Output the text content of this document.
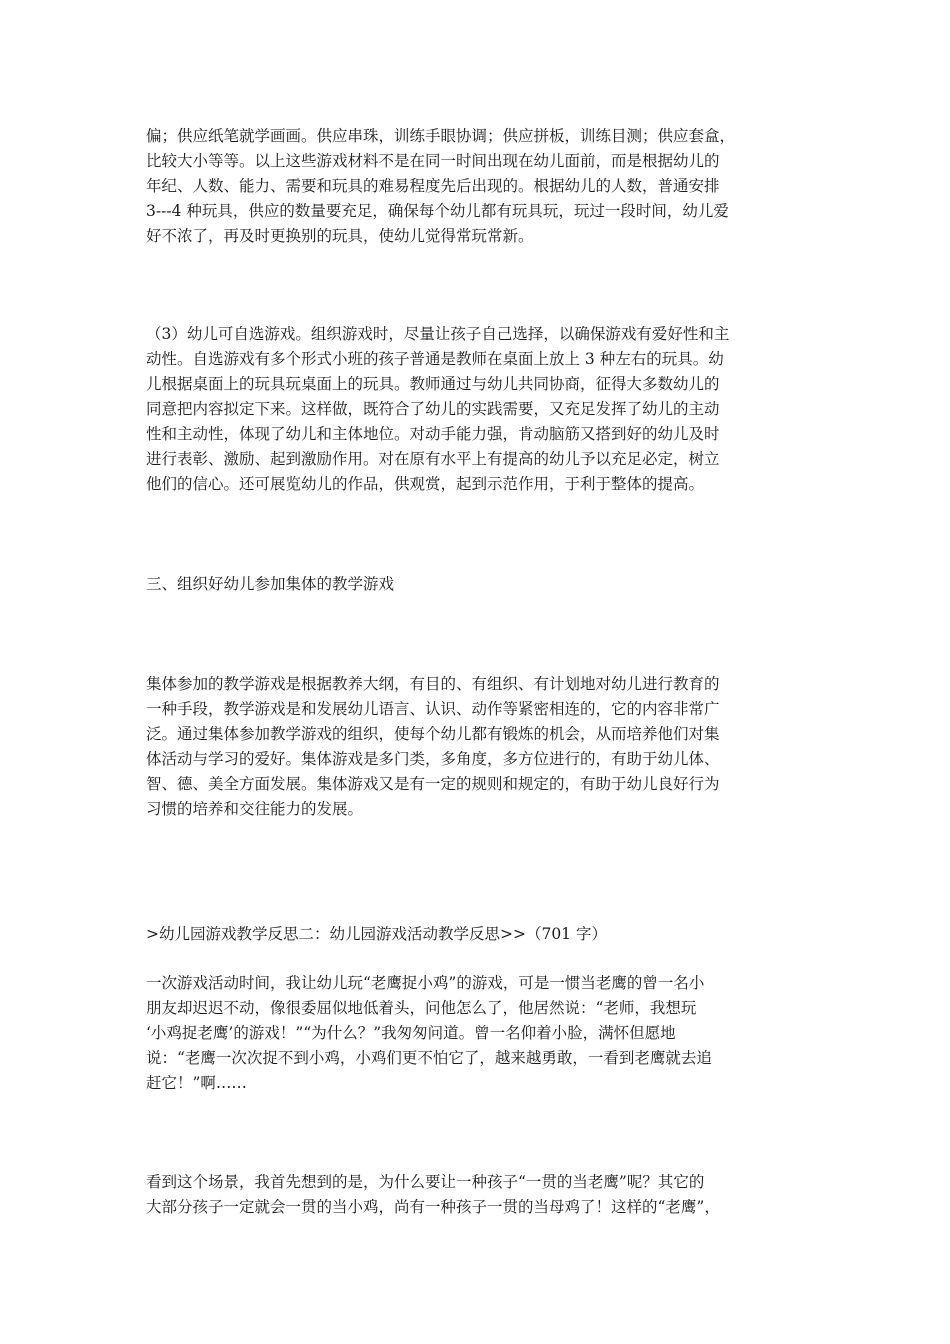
偏；供应纸笔就学画画。供应串珠，训练手眼协调；供应拼板，训练目测；供应套盒，
比较大小等等。以上这些游戏材料不是在同一时间出现在幼儿面前，而是根据幼儿的
年纪、人数、能力、需要和玩具的难易程度先后出现的。根据幼儿的人数，普通安排
3---4 种玩具，供应的数量要充足，确保每个幼儿都有玩具玩，玩过一段时间，幼儿爱
好不浓了，再及时更换别的玩具，使幼儿觉得常玩常新。

（3）幼儿可自选游戏。组织游戏时，尽量让孩子自己选择，以确保游戏有爱好性和主
动性。自选游戏有多个形式小班的孩子普通是教师在桌面上放上 3 种左右的玩具。幼
儿根据桌面上的玩具玩桌面上的玩具。教师通过与幼儿共同协商，征得大多数幼儿的
同意把内容拟定下来。这样做，既符合了幼儿的实践需要，又充足发挥了幼儿的主动
性和主动性，体现了幼儿和主体地位。对动手能力强，肯动脑筋又搭到好的幼儿及时
进行表彰、激励、起到激励作用。对在原有水平上有提高的幼儿予以充足必定，树立
他们的信心。还可展览幼儿的作品，供观赏，起到示范作用，于利于整体的提高。

三、组织好幼儿参加集体的教学游戏

集体参加的教学游戏是根据教养大纲，有目的、有组织、有计划地对幼儿进行教育的
一种手段，教学游戏是和发展幼儿语言、认识、动作等紧密相连的，它的内容非常广
泛。通过集体参加教学游戏的组织，使每个幼儿都有锻炼的机会，从而培养他们对集
体活动与学习的爱好。集体游戏是多门类，多角度，多方位进行的，有助于幼儿体、
智、德、美全方面发展。集体游戏又是有一定的规则和规定的，有助于幼儿良好行为
习惯的培养和交往能力的发展。

>幼儿园游戏教学反思二：幼儿园游戏活动教学反思>>（701 字）

一次游戏活动时间，我让幼儿玩“老鹰捉小鸡”的游戏，可是一惯当老鹰的曾一名小
朋友却迟迟不动，像很委屈似地低着头，问他怎么了，他居然说：“老师，我想玩
‘小鸡捉老鹰’的游戏！”“为什么？”我匆匆问道。曾一名仰着小脸，满怀但愿地
说：“老鹰一次次捉不到小鸡，小鸡们更不怕它了，越来越勇敢，一看到老鹰就去追
赶它！”啊……

看到这个场景，我首先想到的是，为什么要让一种孩子“一贯的当老鹰”呢？其它的
大部分孩子一定就会一贯的当小鸡，尚有一种孩子一贯的当母鸡了！这样的“老鹰”，
